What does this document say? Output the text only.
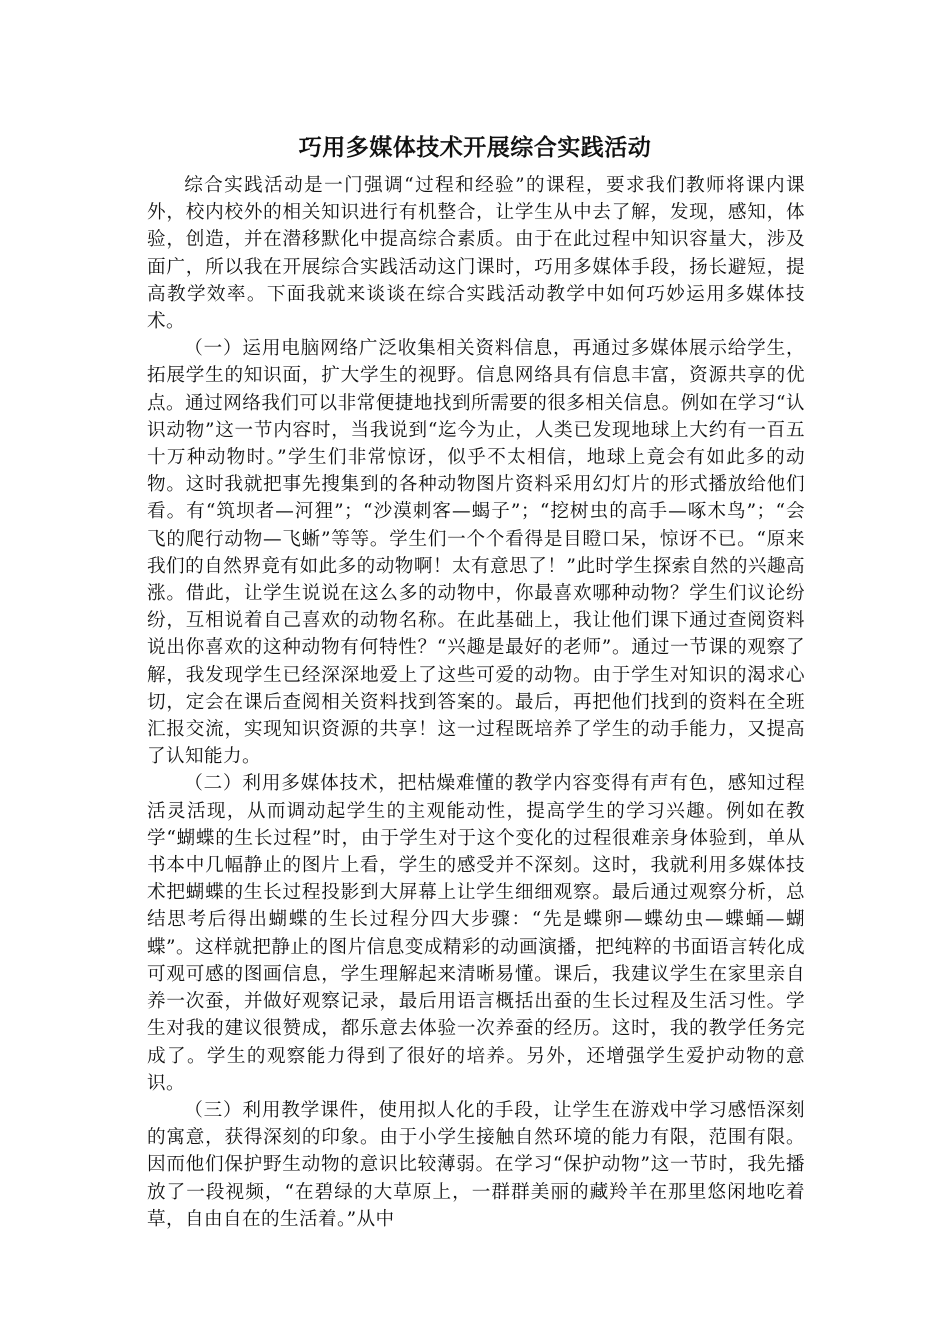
巧用多媒体技术开展综合实践活动

综合实践活动是一门强调“过程和经验”的课程，要求我们教师将课内课外，校内校外的相关知识进行有机整合，让学生从中去了解，发现，感知，体验，创造，并在潜移默化中提高综合素质。由于在此过程中知识容量大，涉及面广，所以我在开展综合实践活动这门课时，巧用多媒体手段，扬长避短，提高教学效率。下面我就来谈谈在综合实践活动教学中如何巧妙运用多媒体技术。

（一）运用电脑网络广泛收集相关资料信息，再通过多媒体展示给学生，拓展学生的知识面，扩大学生的视野。信息网络具有信息丰富，资源共享的优点。通过网络我们可以非常便捷地找到所需要的很多相关信息。例如在学习“认识动物”这一节内容时，当我说到“迄今为止，人类已发现地球上大约有一百五十万种动物时。”学生们非常惊讶，似乎不太相信，地球上竟会有如此多的动物。这时我就把事先搜集到的各种动物图片资料采用幻灯片的形式播放给他们看。有“筑坝者—河狸”；“沙漠刺客—蝎子”；“挖树虫的高手—啄木鸟”；“会飞的爬行动物—飞蜥”等等。学生们一个个看得是目瞪口呆，惊讶不已。“原来我们的自然界竟有如此多的动物啊！太有意思了！”此时学生探索自然的兴趣高涨。借此，让学生说说在这么多的动物中，你最喜欢哪种动物？学生们议论纷纷，互相说着自己喜欢的动物名称。在此基础上，我让他们课下通过查阅资料说出你喜欢的这种动物有何特性？“兴趣是最好的老师”。通过一节课的观察了解，我发现学生已经深深地爱上了这些可爱的动物。由于学生对知识的渴求心切，定会在课后查阅相关资料找到答案的。最后，再把他们找到的资料在全班汇报交流，实现知识资源的共享！这一过程既培养了学生的动手能力，又提高了认知能力。

（二）利用多媒体技术，把枯燥难懂的教学内容变得有声有色，感知过程活灵活现，从而调动起学生的主观能动性，提高学生的学习兴趣。例如在教学“蝴蝶的生长过程”时，由于学生对于这个变化的过程很难亲身体验到，单从书本中几幅静止的图片上看，学生的感受并不深刻。这时，我就利用多媒体技术把蝴蝶的生长过程投影到大屏幕上让学生细细观察。最后通过观察分析，总结思考后得出蝴蝶的生长过程分四大步骤：“先是蝶卵—蝶幼虫—蝶蛹—蝴蝶”。这样就把静止的图片信息变成精彩的动画演播，把纯粹的书面语言转化成可观可感的图画信息，学生理解起来清晰易懂。课后，我建议学生在家里亲自养一次蚕，并做好观察记录，最后用语言概括出蚕的生长过程及生活习性。学生对我的建议很赞成，都乐意去体验一次养蚕的经历。这时，我的教学任务完成了。学生的观察能力得到了很好的培养。另外，还增强学生爱护动物的意识。

（三）利用教学课件，使用拟人化的手段，让学生在游戏中学习感悟深刻的寓意，获得深刻的印象。由于小学生接触自然环境的能力有限，范围有限。因而他们保护野生动物的意识比较薄弱。在学习“保护动物”这一节时，我先播放了一段视频，“在碧绿的大草原上，一群群美丽的藏羚羊在那里悠闲地吃着草，自由自在的生活着。”从中
